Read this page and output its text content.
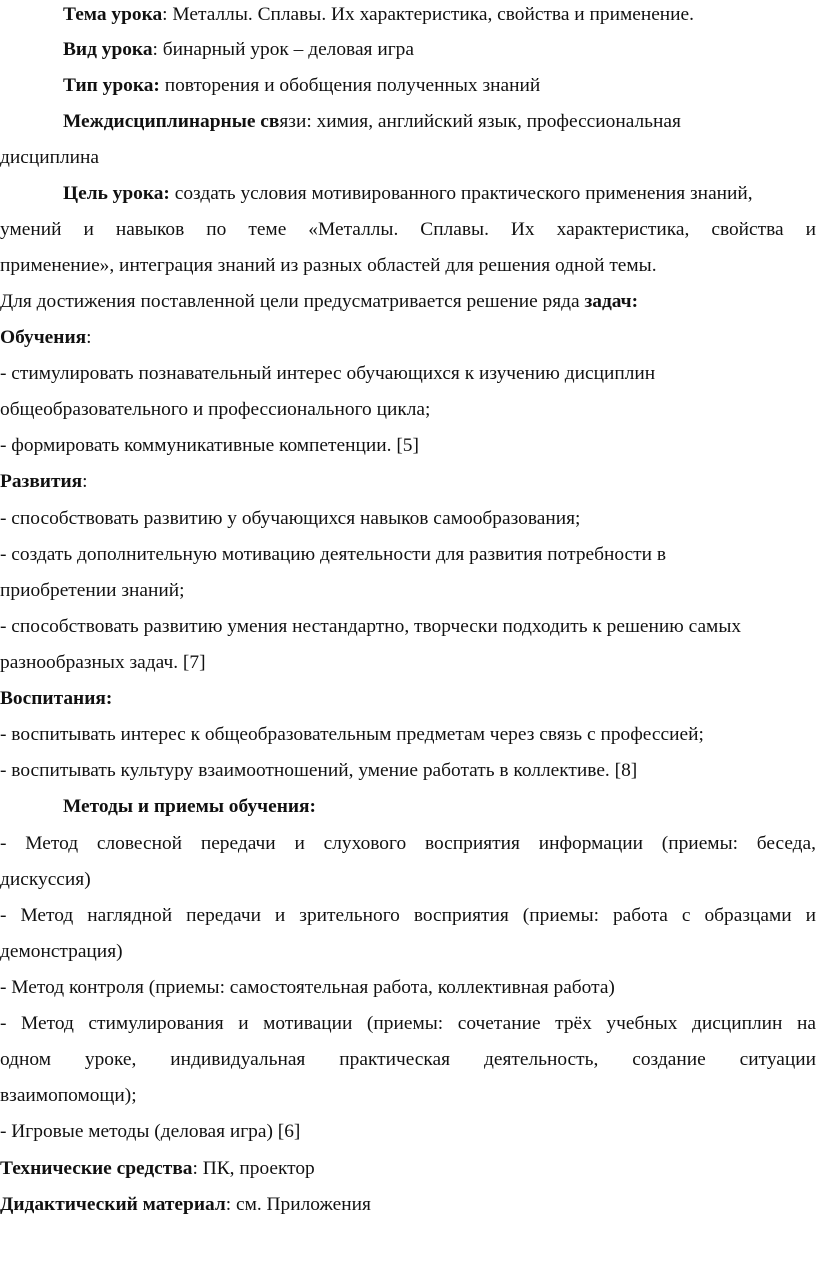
Тема урока: Металлы. Сплавы. Их характеристика, свойства и применение.

Вид урока: бинарный урок – деловая игра

Тип урока: повторения и обобщения полученных знаний

Междисциплинарные связи: химия, английский язык, профессиональная

дисциплина

Цель урока: создать условия мотивированного практического применения знаний,

умений и навыков по теме «Металлы. Сплавы. Их характеристика, свойства и

применение», интеграция знаний из разных областей для решения одной темы.

Для достижения поставленной цели предусматривается решение ряда задач:

Обучения:

- стимулировать познавательный интерес обучающихся к изучению дисциплин

общеобразовательного и профессионального цикла;

- формировать коммуникативные компетенции. [5]

Развития:

- способствовать развитию у обучающихся навыков самообразования;

- создать дополнительную мотивацию деятельности для развития потребности в

приобретении знаний;

- способствовать развитию умения нестандартно, творчески подходить к решению самых

разнообразных задач. [7]

Воспитания:

- воспитывать интерес к общеобразовательным предметам через связь с профессией;

- воспитывать культуру взаимоотношений, умение работать в коллективе. [8]

Методы и приемы обучения:

- Метод словесной передачи и слухового восприятия информации (приемы: беседа,

дискуссия)

- Метод наглядной передачи и зрительного восприятия (приемы: работа с образцами и

демонстрация)

- Метод контроля (приемы: самостоятельная работа, коллективная работа)

- Метод стимулирования и мотивации (приемы: сочетание трёх учебных дисциплин на

одном уроке, индивидуальная практическая деятельность, создание ситуации

взаимопомощи);

- Игровые методы (деловая игра) [6]

Технические средства: ПК, проектор

Дидактический материал: см. Приложения
